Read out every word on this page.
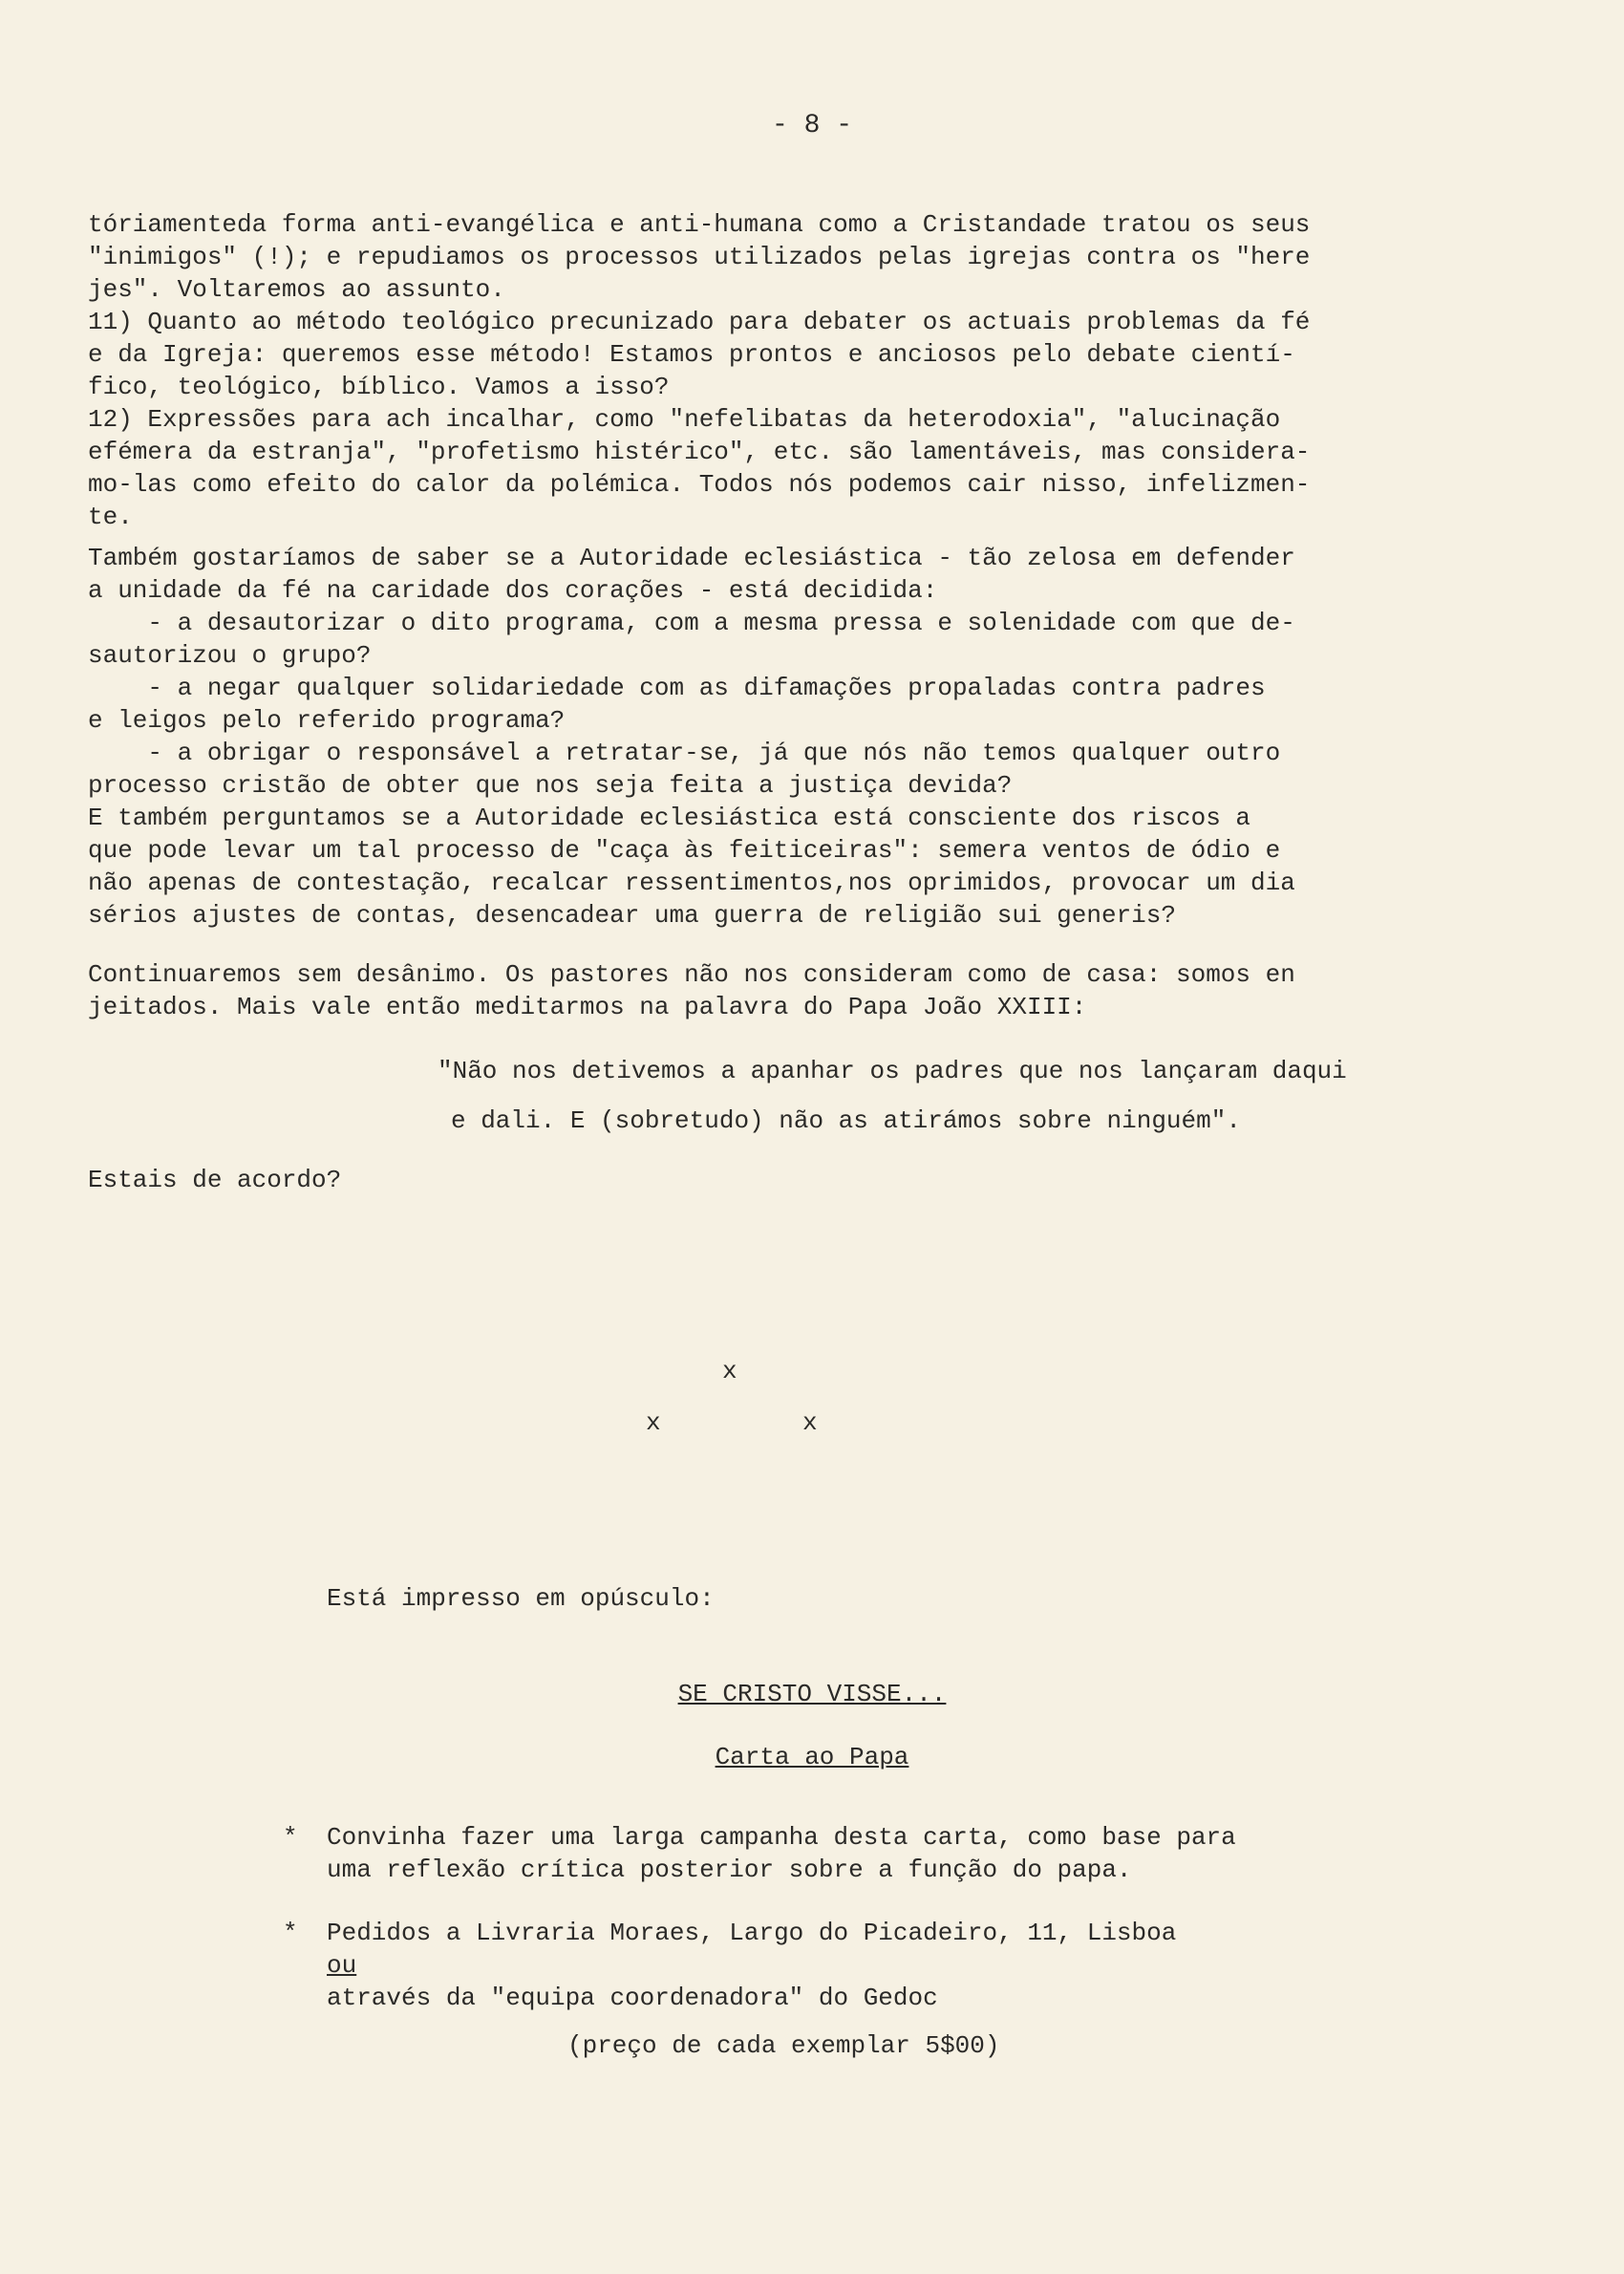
- 8 -

tóriamenteda forma anti-evangélica e anti-humana como a Cristandade tratou os seus

"inimigos" (!); e repudiamos os processos utilizados pelas igrejas contra os "here

jes". Voltaremos ao assunto.

11) Quanto ao método teológico precunizado para debater os actuais problemas da fé

e da Igreja: queremos esse método! Estamos prontos e anciosos pelo debate cientí-

fico, teológico, bíblico. Vamos a isso?

12) Expressões para ach incalhar, como "nefelibatas da heterodoxia", "alucinação

efémera da estranja", "profetismo histérico", etc. são lamentáveis, mas considera-

mo-las como efeito do calor da polémica. Todos nós podemos cair nisso, infelizmen-

te.

Também gostaríamos de saber se a Autoridade eclesiástica - tão zelosa em defender

a unidade da fé na caridade dos corações - está decidida:

- a desautorizar o dito programa, com a mesma pressa e solenidade com que de-

sautorizou o grupo?

- a negar qualquer solidariedade com as difamações propaladas contra padres

e leigos pelo referido programa?

- a obrigar o responsável a retratar-se, já que nós não temos qualquer outro

processo cristão de obter que nos seja feita a justiça devida?

E também perguntamos se a Autoridade eclesiástica está consciente dos riscos a

que pode levar um tal processo de "caça às feiticeiras": semera ventos de ódio e

não apenas de contestação, recalcar ressentimentos,nos oprimidos, provocar um dia

sérios ajustes de contas, desencadear uma guerra de religião sui generis?

Continuaremos sem desânimo. Os pastores não nos consideram como de casa: somos en

jeitados. Mais vale então meditarmos na palavra do Papa João XXIII:

"Não nos detivemos a apanhar os padres que nos lançaram daqui

e dali. E (sobretudo) não as atirámos sobre ninguém".

Estais de acordo?

x
x	x

Está impresso em opúsculo:

SE CRISTO VISSE...

Carta ao Papa

* Convinha fazer uma larga campanha desta carta, como base para

uma reflexão crítica posterior sobre a função do papa.

* Pedidos a Livraria Moraes, Largo do Picadeiro, 11, Lisboa

ou

através da "equipa coordenadora" do Gedoc

(preço de cada exemplar 5$00)
